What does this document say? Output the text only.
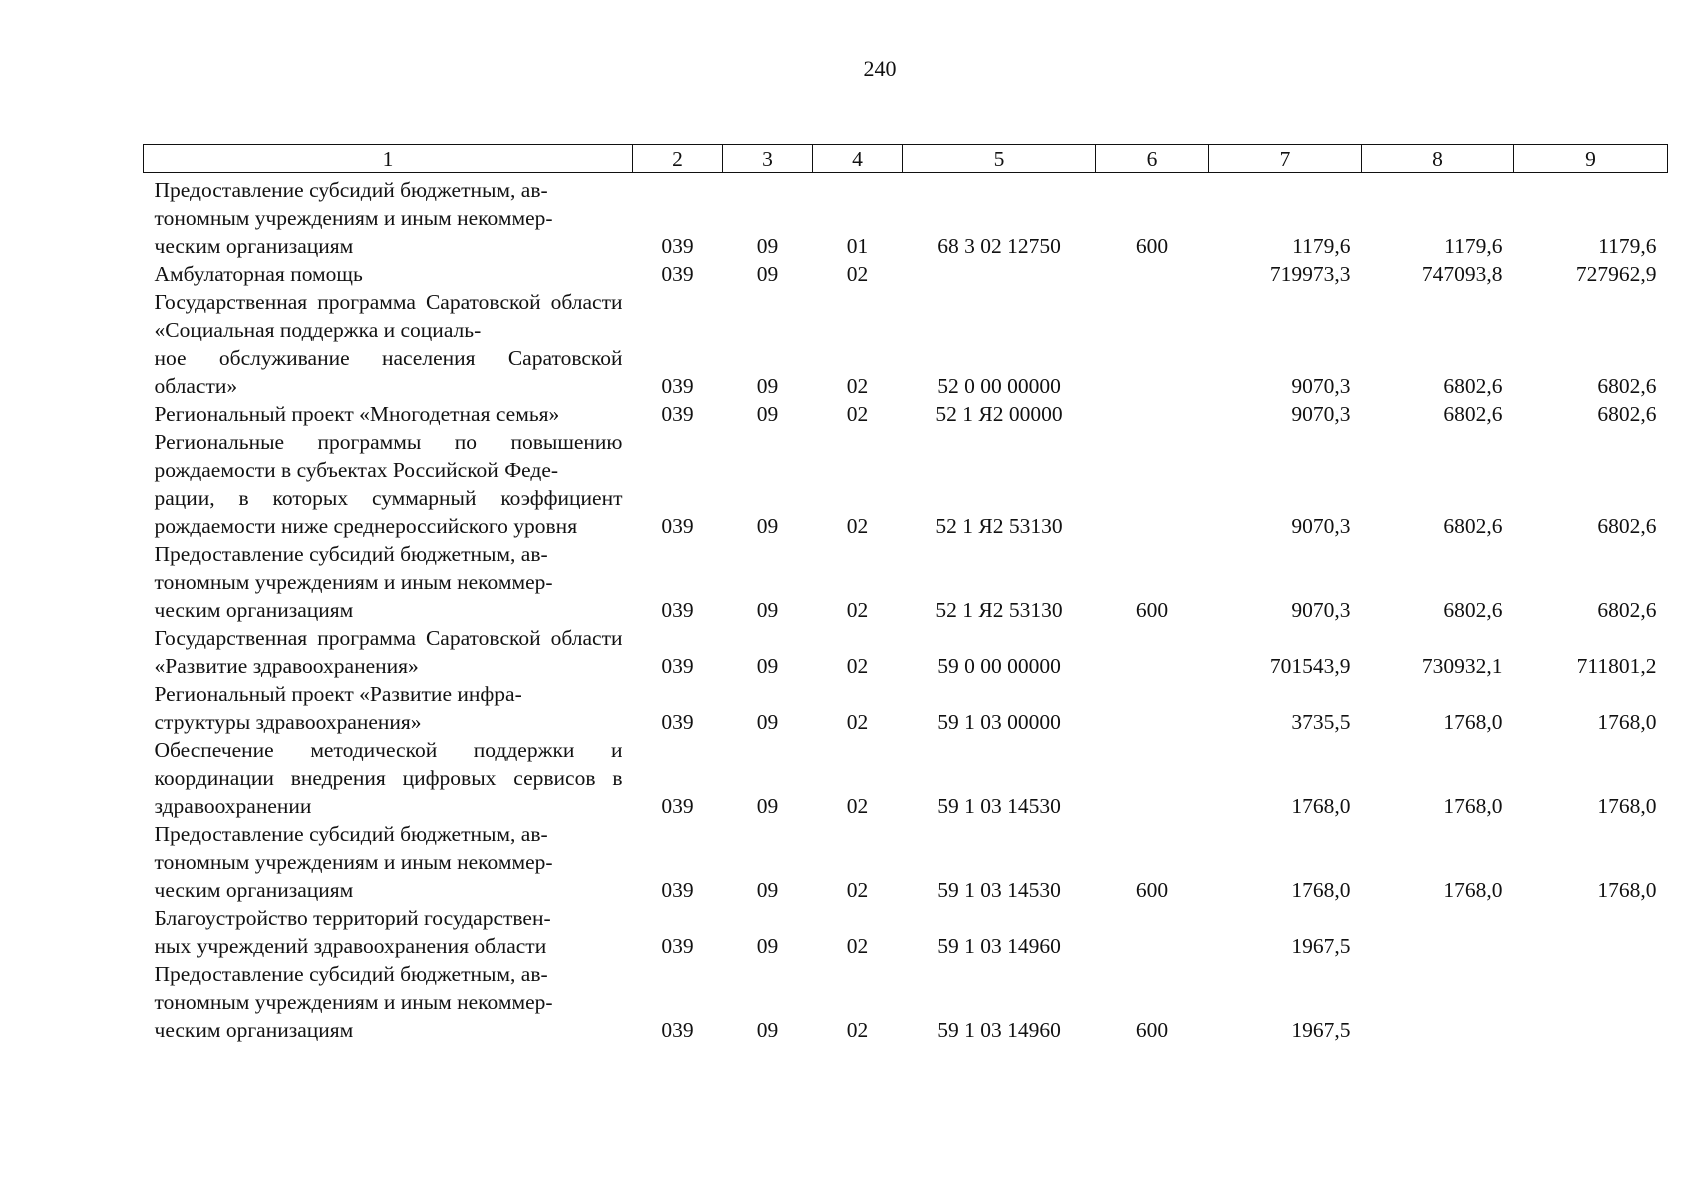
240
1	2	3	4	5	6	7	8	9
Предоставление субсидий бюджетным, ав-
тономным учреждениям и иным некоммер-
ческим организациям	039	09	01	68 3 02 12750	600	1179,6	1179,6	1179,6
Амбулаторная помощь	039	09	02			719973,3	747093,8	727962,9
Государственная программа Саратовской области «Социальная поддержка и социаль-
ное обслуживание населения Саратовской области»	039	09	02	52 0 00 00000		9070,3	6802,6	6802,6
Региональный проект «Многодетная семья»	039	09	02	52 1 Я2 00000		9070,3	6802,6	6802,6
Региональные программы по повышению рождаемости в субъектах Российской Феде-
рации, в которых суммарный коэффициент рождаемости ниже среднероссийского уровня	039	09	02	52 1 Я2 53130		9070,3	6802,6	6802,6
Предоставление субсидий бюджетным, ав-
тономным учреждениям и иным некоммер-
ческим организациям	039	09	02	52 1 Я2 53130	600	9070,3	6802,6	6802,6
Государственная программа Саратовской области «Развитие здравоохранения»	039	09	02	59 0 00 00000		701543,9	730932,1	711801,2
Региональный проект «Развитие инфра-
структуры здравоохранения»	039	09	02	59 1 03 00000		3735,5	1768,0	1768,0
Обеспечение методической поддержки и координации внедрения цифровых сервисов в здравоохранении	039	09	02	59 1 03 14530		1768,0	1768,0	1768,0
Предоставление субсидий бюджетным, ав-
тономным учреждениям и иным некоммер-
ческим организациям	039	09	02	59 1 03 14530	600	1768,0	1768,0	1768,0
Благоустройство территорий государствен-
ных учреждений здравоохранения области	039	09	02	59 1 03 14960		1967,5		
Предоставление субсидий бюджетным, ав-
тономным учреждениям и иным некоммер-
ческим организациям	039	09	02	59 1 03 14960	600	1967,5		
